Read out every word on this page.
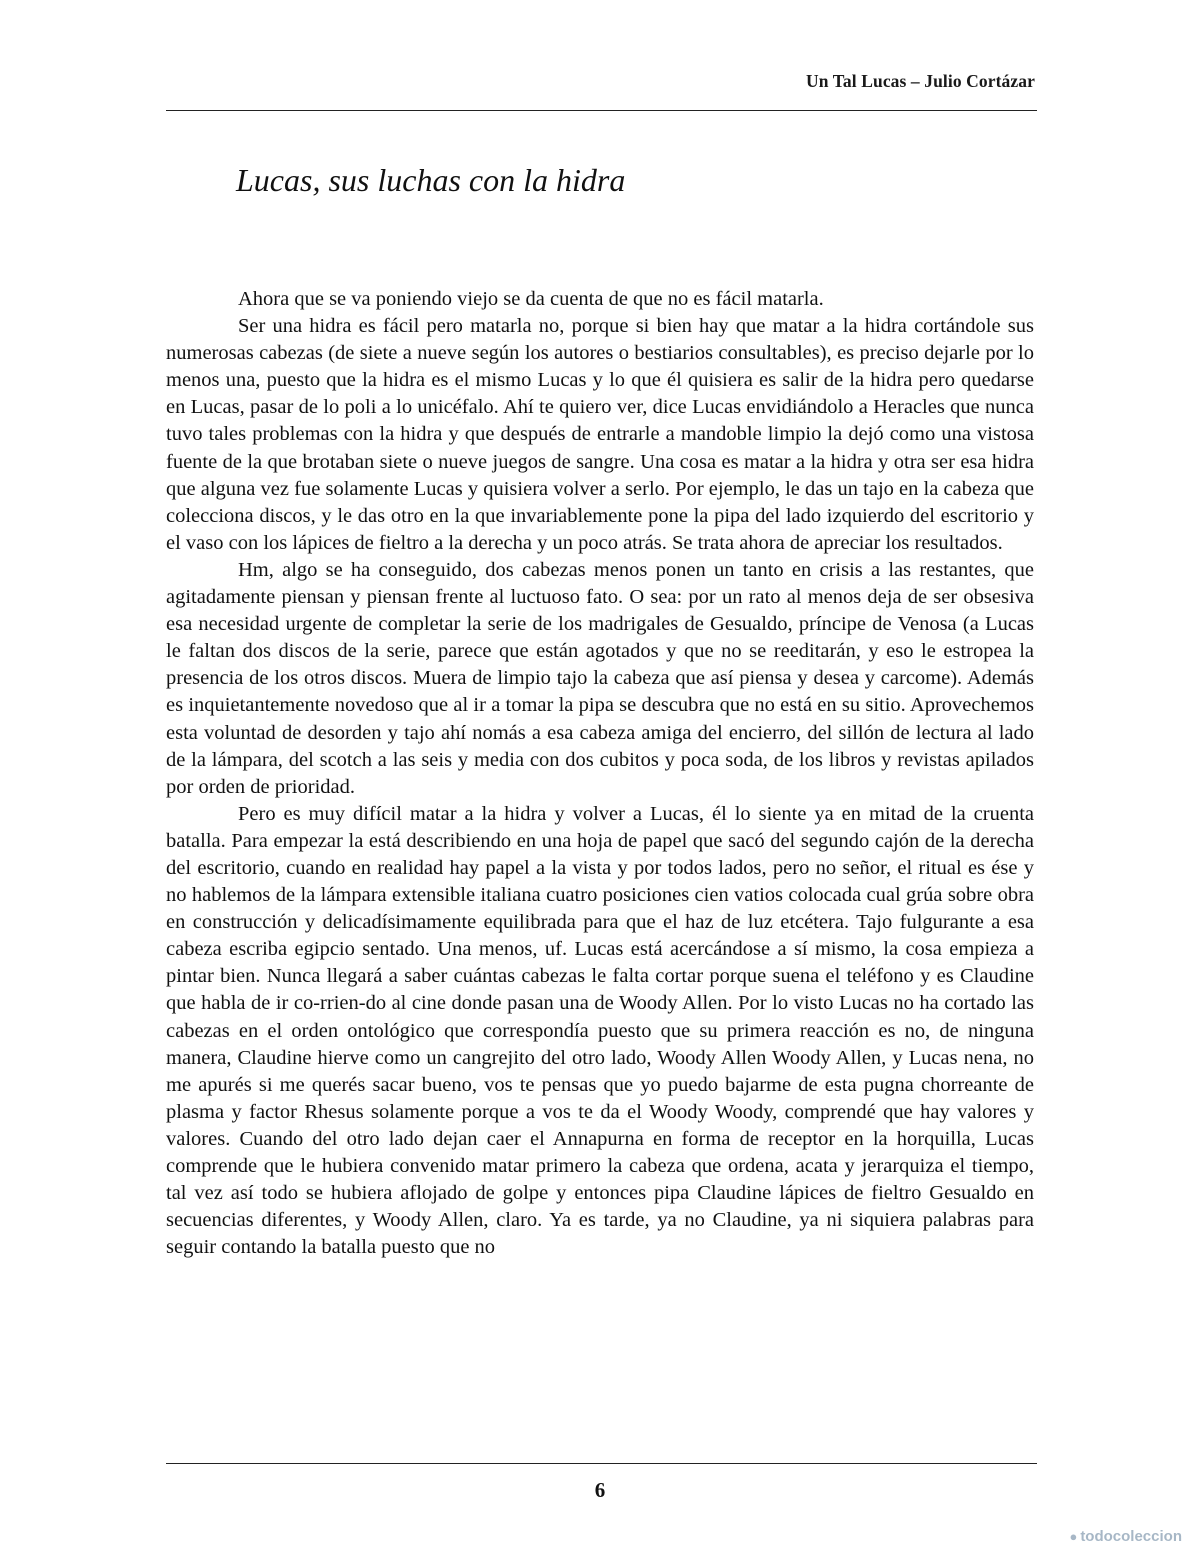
Un Tal Lucas – Julio Cortázar
Lucas, sus luchas con la hidra

Ahora que se va poniendo viejo se da cuenta de que no es fácil matarla.

Ser una hidra es fácil pero matarla no, porque si bien hay que matar a la hidra cortándole sus numerosas cabezas (de siete a nueve según los autores o bestiarios consultables), es preciso dejarle por lo menos una, puesto que la hidra es el mismo Lucas y lo que él quisiera es salir de la hidra pero quedarse en Lucas, pasar de lo poli a lo unicéfalo. Ahí te quiero ver, dice Lucas envidiándolo a Heracles que nunca tuvo tales problemas con la hidra y que después de entrarle a mandoble limpio la dejó como una vistosa fuente de la que brotaban siete o nueve juegos de sangre. Una cosa es matar a la hidra y otra ser esa hidra que alguna vez fue solamente Lucas y quisiera volver a serlo. Por ejemplo, le das un tajo en la cabeza que colecciona discos, y le das otro en la que invariablemente pone la pipa del lado izquierdo del escritorio y el vaso con los lápices de fieltro a la derecha y un poco atrás. Se trata ahora de apreciar los resultados.

Hm, algo se ha conseguido, dos cabezas menos ponen un tanto en crisis a las restantes, que agitadamente piensan y piensan frente al luctuoso fato. O sea: por un rato al menos deja de ser obsesiva esa necesidad urgente de completar la serie de los madrigales de Gesualdo, príncipe de Venosa (a Lucas le faltan dos discos de la serie, parece que están agotados y que no se reeditarán, y eso le estropea la presencia de los otros discos. Muera de limpio tajo la cabeza que así piensa y desea y carcome). Además es inquietantemente novedoso que al ir a tomar la pipa se descubra que no está en su sitio. Aprovechemos esta voluntad de desorden y tajo ahí nomás a esa cabeza amiga del encierro, del sillón de lectura al lado de la lámpara, del scotch a las seis y media con dos cubitos y poca soda, de los libros y revistas apilados por orden de prioridad.

Pero es muy difícil matar a la hidra y volver a Lucas, él lo siente ya en mitad de la cruenta batalla. Para empezar la está describiendo en una hoja de papel que sacó del segundo cajón de la derecha del escritorio, cuando en realidad hay papel a la vista y por todos lados, pero no señor, el ritual es ése y no hablemos de la lámpara extensible italiana cuatro posiciones cien vatios colocada cual grúa sobre obra en construcción y delicadísimamente equilibrada para que el haz de luz etcétera. Tajo fulgurante a esa cabeza escriba egipcio sentado. Una menos, uf. Lucas está acercándose a sí mismo, la cosa empieza a pintar bien. Nunca llegará a saber cuántas cabezas le falta cortar porque suena el teléfono y es Claudine que habla de ir co-rrien-do al cine donde pasan una de Woody Allen. Por lo visto Lucas no ha cortado las cabezas en el orden ontológico que correspondía puesto que su primera reacción es no, de ninguna manera, Claudine hierve como un cangrejito del otro lado, Woody Allen Woody Allen, y Lucas nena, no me apurés si me querés sacar bueno, vos te pensas que yo puedo bajarme de esta pugna chorreante de plasma y factor Rhesus solamente porque a vos te da el Woody Woody, comprendé que hay valores y valores. Cuando del otro lado dejan caer el Annapurna en forma de receptor en la horquilla, Lucas comprende que le hubiera convenido matar primero la cabeza que ordena, acata y jerarquiza el tiempo, tal vez así todo se hubiera aflojado de golpe y entonces pipa Claudine lápices de fieltro Gesualdo en secuencias diferentes, y Woody Allen, claro. Ya es tarde, ya no Claudine, ya ni siquiera palabras para seguir contando la batalla puesto que no

6
● todocoleccion
